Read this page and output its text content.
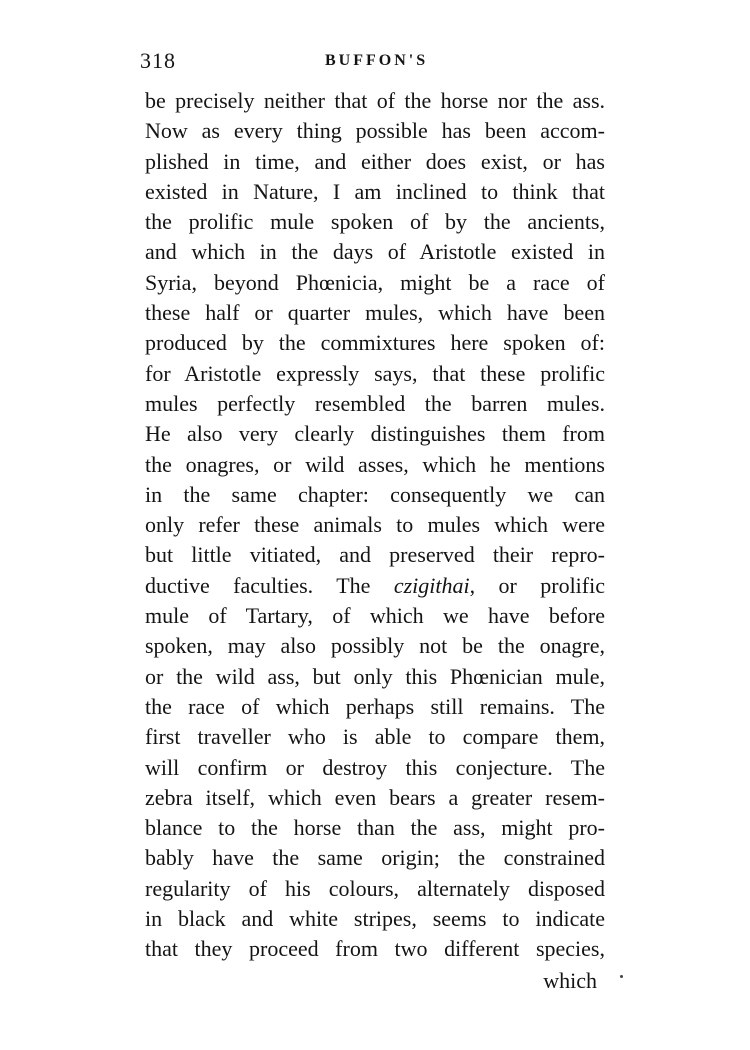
318	BUFFON'S
be precisely neither that of the horse nor the ass.
Now as every thing possible has been accom-
plished in time, and either does exist, or has
existed in Nature, I am inclined to think that
the prolific mule spoken of by the ancients,
and which in the days of Aristotle existed in
Syria, beyond Phœnicia, might be a race of
these half or quarter mules, which have been
produced by the commixtures here spoken of:
for Aristotle expressly says, that these prolific
mules perfectly resembled the barren mules.
He also very clearly distinguishes them from
the onagres, or wild asses, which he mentions
in the same chapter: consequently we can
only refer these animals to mules which were
but little vitiated, and preserved their repro-
ductive faculties. The czigithai, or prolific
mule of Tartary, of which we have before
spoken, may also possibly not be the onagre,
or the wild ass, but only this Phœnician mule,
the race of which perhaps still remains. The
first traveller who is able to compare them,
will confirm or destroy this conjecture. The
zebra itself, which even bears a greater resem-
blance to the horse than the ass, might pro-
bably have the same origin; the constrained
regularity of his colours, alternately disposed
in black and white stripes, seems to indicate
that they proceed from two different species,
which
